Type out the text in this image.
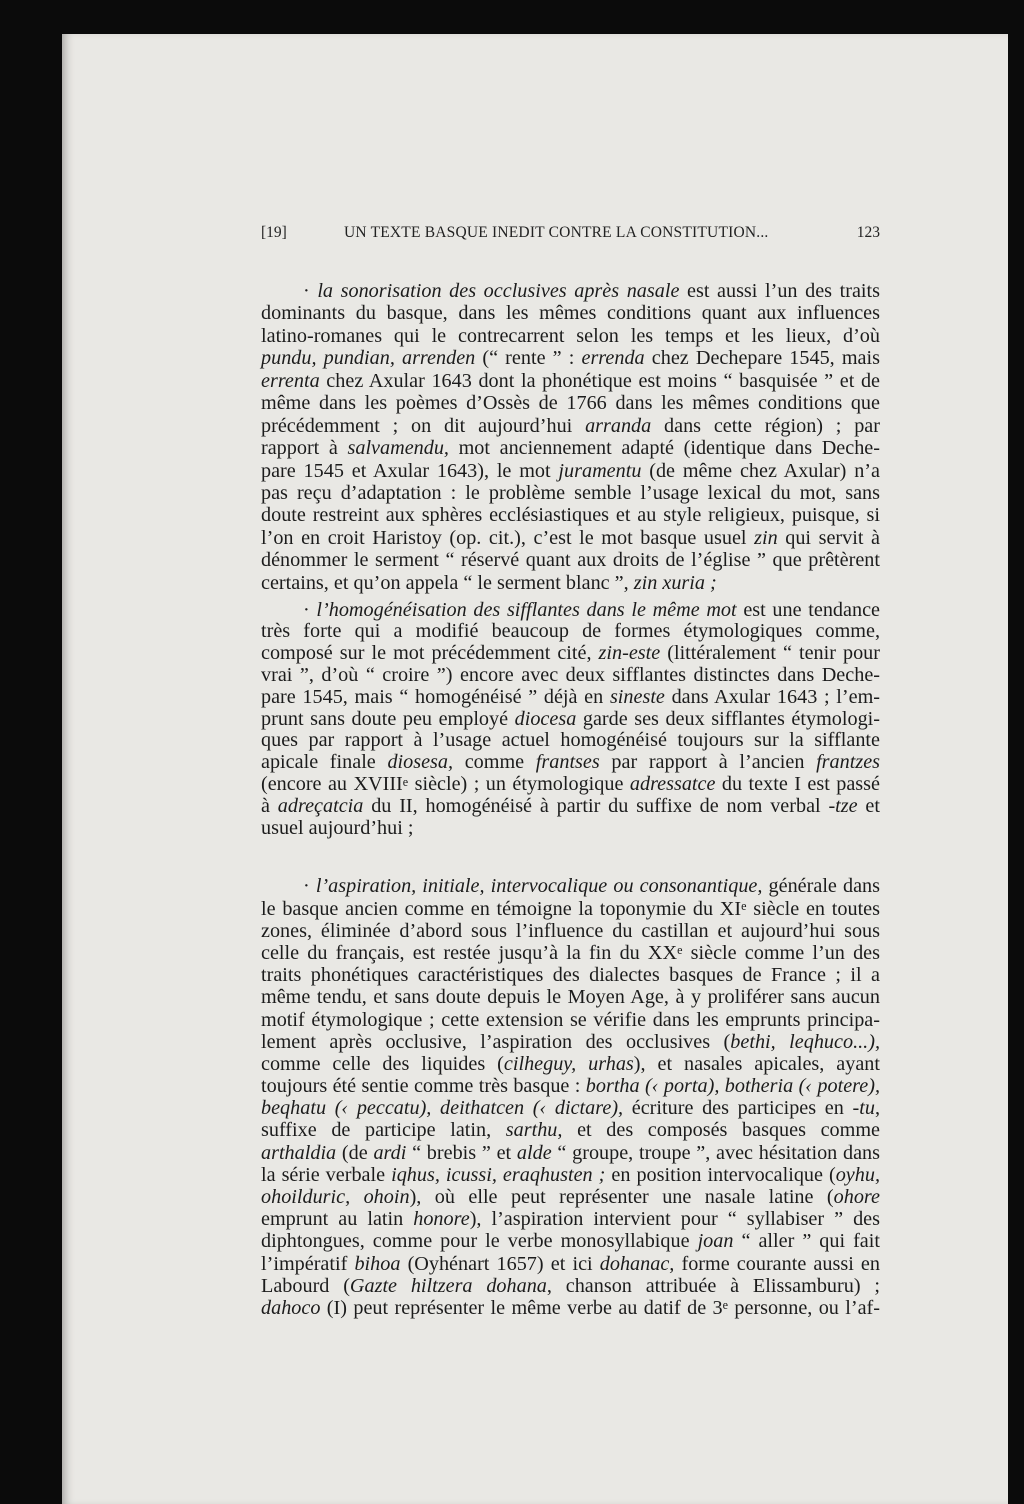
[19]	UN TEXTE BASQUE INEDIT CONTRE LA CONSTITUTION...	123
· la sonorisation des occlusives après nasale est aussi l’un des traits
dominants du basque, dans les mêmes conditions quant aux influences
latino-romanes qui le contrecarrent selon les temps et les lieux, d’où
pundu, pundian, arrenden (“ rente ” : errenda chez Dechepare 1545, mais
errenta chez Axular 1643 dont la phonétique est moins “ basquisée ” et de
même dans les poèmes d’Ossès de 1766 dans les mêmes conditions que
précédemment ; on dit aujourd’hui arranda dans cette région) ; par
rapport à salvamendu, mot anciennement adapté (identique dans Deche-
pare 1545 et Axular 1643), le mot juramentu (de même chez Axular) n’a
pas reçu d’adaptation : le problème semble l’usage lexical du mot, sans
doute restreint aux sphères ecclésiastiques et au style religieux, puisque, si
l’on en croit Haristoy (op. cit.), c’est le mot basque usuel zin qui servit à
dénommer le serment “ réservé quant aux droits de l’église ” que prêtèrent
certains, et qu’on appela “ le serment blanc ”, zin xuria ;
· l’homogénéisation des sifflantes dans le même mot est une tendance
très forte qui a modifié beaucoup de formes étymologiques comme,
composé sur le mot précédemment cité, zin-este (littéralement “ tenir pour
vrai ”, d’où “ croire ”) encore avec deux sifflantes distinctes dans Deche-
pare 1545, mais “ homogénéisé ” déjà en sineste dans Axular 1643 ; l’em-
prunt sans doute peu employé diocesa garde ses deux sifflantes étymologi-
ques par rapport à l’usage actuel homogénéisé toujours sur la sifflante
apicale finale diosesa, comme frantses par rapport à l’ancien frantzes
(encore au XVIIIe siècle) ; un étymologique adressatce du texte I est passé
à adreçatcia du II, homogénéisé à partir du suffixe de nom verbal -tze et
usuel aujourd’hui ;
· l’aspiration, initiale, intervocalique ou consonantique, générale dans
le basque ancien comme en témoigne la toponymie du XIe siècle en toutes
zones, éliminée d’abord sous l’influence du castillan et aujourd’hui sous
celle du français, est restée jusqu’à la fin du XXe siècle comme l’un des
traits phonétiques caractéristiques des dialectes basques de France ; il a
même tendu, et sans doute depuis le Moyen Age, à y proliférer sans aucun
motif étymologique ; cette extension se vérifie dans les emprunts principa-
lement après occlusive, l’aspiration des occlusives (bethi, leqhuco...),
comme celle des liquides (cilheguy, urhas), et nasales apicales, ayant
toujours été sentie comme très basque : bortha (‹ porta), botheria (‹ potere),
beqhatu (‹ peccatu), deithatcen (‹ dictare), écriture des participes en -tu,
suffixe de participe latin, sarthu, et des composés basques comme
arthaldia (de ardi “ brebis ” et alde “ groupe, troupe ”, avec hésitation dans
la série verbale iqhus, icussi, eraqhusten ; en position intervocalique (oyhu,
ohoilduric, ohoin), où elle peut représenter une nasale latine (ohore
emprunt au latin honore), l’aspiration intervient pour “ syllabiser ” des
diphtongues, comme pour le verbe monosyllabique joan “ aller ” qui fait
l’impératif bihoa (Oyhénart 1657) et ici dohanac, forme courante aussi en
Labourd (Gazte hiltzera dohana, chanson attribuée à Elissamburu) ;
dahoco (I) peut représenter le même verbe au datif de 3e personne, ou l’af-
